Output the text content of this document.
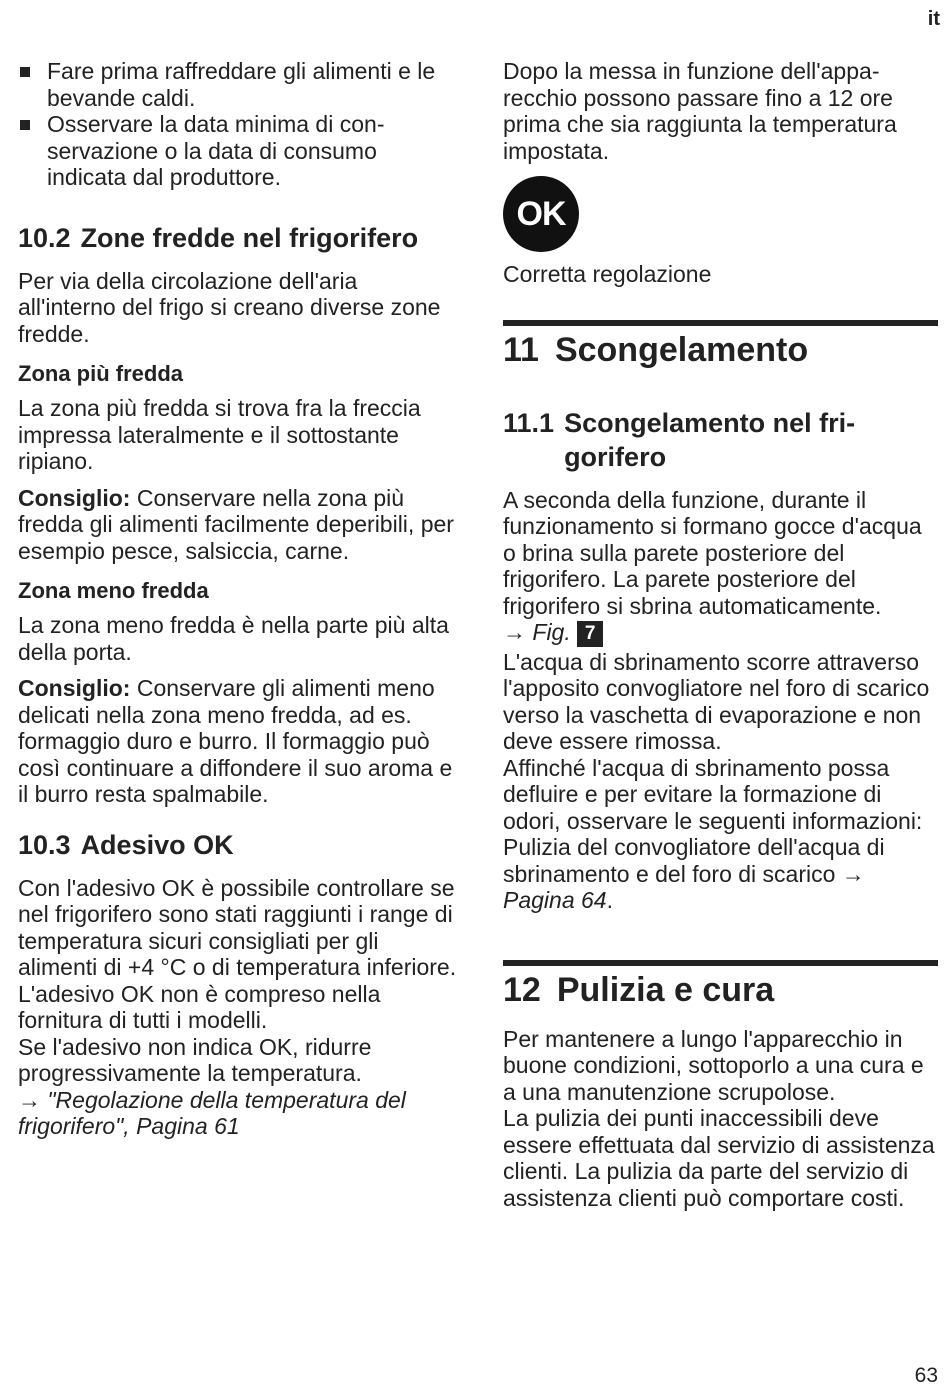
it
Fare prima raffreddare gli alimenti e le bevande caldi.
Osservare la data minima di conservazione o la data di consumo indicata dal produttore.
10.2 Zone fredde nel frigorifero

Per via della circolazione dell'aria all'interno del frigo si creano diverse zone fredde.

Zona più fredda

La zona più fredda si trova fra la freccia impressa lateralmente e il sottostante ripiano.

Consiglio: Conservare nella zona più fredda gli alimenti facilmente deperibili, per esempio pesce, salsiccia, carne.

Zona meno fredda

La zona meno fredda è nella parte più alta della porta.

Consiglio: Conservare gli alimenti meno delicati nella zona meno fredda, ad es. formaggio duro e burro. Il formaggio può così continuare a diffondere il suo aroma e il burro resta spalmabile.

10.3 Adesivo OK

Con l'adesivo OK è possibile controllare se nel frigorifero sono stati raggiunti i range di temperatura sicuri consigliati per gli alimenti di +4 °C o di temperatura inferiore.

L'adesivo OK non è compreso nella fornitura di tutti i modelli.

Se l'adesivo non indica OK, ridurre progressivamente la temperatura.

→ "Regolazione della temperatura del frigorifero", Pagina 61

Dopo la messa in funzione dell'apparecchio possono passare fino a 12 ore prima che sia raggiunta la temperatura impostata.

OK

Corretta regolazione

11 Scongelamento
11.1 Scongelamento nel frigorifero

A seconda della funzione, durante il funzionamento si formano gocce d'acqua o brina sulla parete posteriore del frigorifero. La parete posteriore del frigorifero si sbrina automaticamente.

→ Fig. 7

L'acqua di sbrinamento scorre attraverso l'apposito convogliatore nel foro di scarico verso la vaschetta di evaporazione e non deve essere rimossa.

Affinché l'acqua di sbrinamento possa defluire e per evitare la formazione di odori, osservare le seguenti informazioni: Pulizia del convogliatore dell'acqua di sbrinamento e del foro di scarico → Pagina 64.

12 Pulizia e cura

Per mantenere a lungo l'apparecchio in buone condizioni, sottoporlo a una cura e a una manutenzione scrupolose.

La pulizia dei punti inaccessibili deve essere effettuata dal servizio di assistenza clienti. La pulizia da parte del servizio di assistenza clienti può comportare costi.

63
